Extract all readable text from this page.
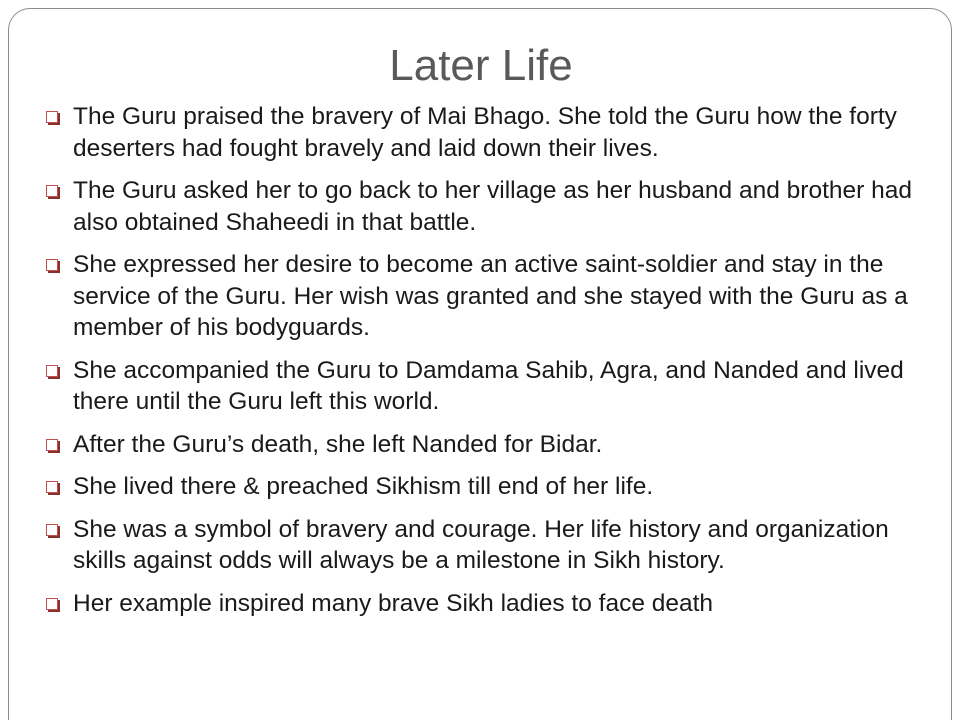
Later Life
The Guru praised the bravery of Mai Bhago. She told the Guru how the forty deserters had fought bravely and laid down their lives.
The Guru asked her to go back to her village as her husband and brother had also obtained Shaheedi in that battle.
She expressed her desire to become an active saint-soldier and stay in the service of the Guru. Her wish was granted and she stayed with the Guru as a member of his bodyguards.
She accompanied the Guru to Damdama Sahib, Agra, and Nanded and lived there until the Guru left this world.
After the Guru’s death, she left Nanded for Bidar.
She lived there & preached Sikhism till end of her life.
She was a symbol of bravery and courage. Her life history and organization skills against odds will always be a milestone in Sikh history.
Her example inspired many brave Sikh ladies to face death
